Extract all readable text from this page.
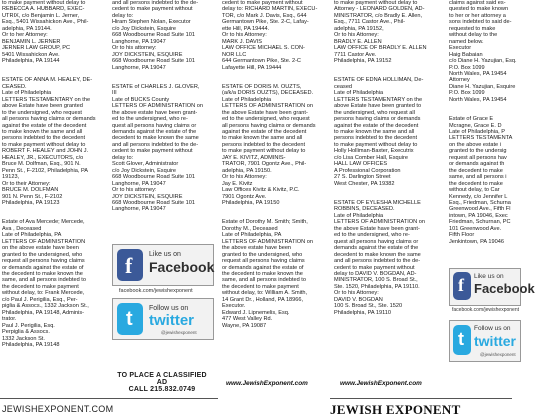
to make payment without delay to
REBECCA A. HUBBARD, EXEC-
UTRIX, c/o Benjamin L. Jerner,
Esq., 5401 Wissahickon Ave., Phil-
adelphia, PA 19144.
Or to her Attorney:
BENJAMIN L. JERNER
JERNER LAW GROUP, PC
5401 Wissahickon Ave.
Philadelphia, PA 19144
ESTATE OF ANNA M. HEALEY, DE-
CEASED.
Late of Philadelphia
LETTERS TESTAMENTARY on the
above Estate have been granted
to the undersigned, who request
all persons having claims or demands
against the estate of the decedent
to make known the same and all
persons indebted to the decedent
to make payment without delay to
ROBERT F. HEALEY and JOHN J.
HEALEY, JR., EXECUTORS, c/o
Bruce M. Dolfman, Esq., 901 N.
Penn St., F-2102, Philadelphia, PA
19123,
Or to their Attorney:
BRUCE M. DOLFMAN
901 N. Penn St., F-2102
Philadelphia, PA 19123
Estate of Ava Mercede; Mercede,
Ava , Deceased
Late of Philadelphia, PA
LETTERS OF ADMINISTRATION
on the above estate have been
granted to the undersigned, who
request all persons having claims
or demands against the estate of
the decedent to make known the
same, and all persons indebted to
the decedent to make payment
without delay, to: Frank Mercede,
c/o Paul J. Perigilia, Esq., Per-
piglia & Assocs., 1332 Jackson St.,
Philadelphia, PA 19148, Adminis-
trator.
Paul J. Perigilia, Esq.
Perpiglia & Assocs.
1332 Jackson St.
Philadelphia, PA 19148
and all persons indebted to the de-
cedent to make payment without
delay to:
Hiram Stephen Nolan, Executor
c/o Joy Dickstein, Esquire
668 Woodbourne Road Suite 101
Langhorne, PA 19047
Or to his attorney:
JOY DICKSTEIN, ESQUIRE
668 Woodbourne Road Suite 101
Langhorne, PA 19047
ESTATE of CHARLES J. GLOVER,
III
Late of BUCKS County
LETTERS OF ADMINISTRATION on
the above estate have been grant-
ed to the undersigned, who re-
quest all persons having claims or
demands against the estate of the
decedent to make known the same
and all persons indebted to the de-
cedent to make payment without
delay to:
Scott Glover, Administrator
c/o Joy Dickstein, Esquire
668 Woodbourne Road Suite 101
Langhorne, PA 19047
Or to his attorney:
JOY DICKSTEIN, ESQUIRE
668 Woodbourne Road Suite 101
Langhorne, PA 19047
cedent to make payment without
delay to: RICHARD MARTIN, EXECU-
TOR, c/o Mark J. Davis, Esq., 644
Germantown Pike, Ste. 2-C, Lafay-
ette Hill, PA 19444.
Or to his Attorney:
MARK J. DAVIS
LAW OFFICE MICHAEL S. CON-
NOR LLC
644 Germantown Pike, Ste. 2-C
Lafayette Hill, PA 19444
ESTATE OF DORIS M. OUZTS,
(a/k/a DORIS OUZTS), DECEASED.
Late of Philadelphia
LETTERS OF ADMINISTRATION on
the above Estate have been grant-
ed to the undersigned, who request
all persons having claims or demands
against the estate of the decedent
to make known the same and all
persons indebted to the decedent
to make payment without delay to
JAY E. KIVITZ, ADMINIS-
TRATOR, 7901 Ogontz Ave., Phil-
adelphia, PA 19150.
Or to his Attorney:
Jay E. Kivitz
Law Offices Kivitz & Kivitz, P.C.
7901 Ogontz Ave.
Philadelphia, PA 19150
Estate of Dorothy M. Smith; Smith,
Dorothy M., Deceased
Late of Philadelphia, PA
LETTERS OF ADMINISTRATION on
the above estate have been
granted to the undersigned, who
request all persons having claims
or demands against the estate of
the decedent to make known the
same, and all persons indebted to
the decedent to make payment
without delay, to: William A. Smith,
14 Grant Dr., Holland, PA 18966,
Executor.
Edward J. Lipnemelis, Esq.
477 West Valley Rd.
Wayne, PA 19087
to make payment without delay to
Attorney - LEONARD GOLDEN, AD-
MINISTRATOR, c/o Bradly E. Allen,
Esq., 7711 Castor Ave., Phil-
adelphia, PA 19152,
Or to his Attorney:
BRADLY E. ALLEN
LAW OFFICE OF BRADLY E. ALLEN
7711 Castor Ave.
Philadelphia, PA 19152
ESTATE OF EDNA HOLLIMAN, De-
ceased
Late of Philadelphia
LETTERS TESTAMENTARY on the
above Estate have been granted to
the undersigned, who request all
persons having claims or demands
against the estate of the decedent
to make known the same and all
persons indebted to the decedent
to make payment without delay to
Holly Holliman-Baxter, Executrix
c/o Lisa Comber Hall, Esquire
HALL LAW OFFICES
A Professional Corporation
27 S. Darlington Street
West Chester, PA 19382
ESTATE OF EYLESHA MICHELLE
ROBBINS, DECEASED.
Late of Philadelphia
LETTERS OF ADMINISTRATION on
the above Estate have been grant-
ed to the undersigned, who re-
quest all persons having claims or
demands against the estate of the
decedent to make known the same
and all persons indebted to the de-
cedent to make payment without
delay to DAVID V. BOGDAN, AD-
MINISTRATOR, 100 S. Broad St.,
Ste. 1520, Philadelphia, PA 19110.
Or to his Attorney:
DAVID V. BOGDAN
100 S. Broad St., Ste. 1520
Philadelphia, PA 19110
claims against said es-
quested to make known
to her or her attorney a
sons indebted to said de-
requested to make
without delay to the
named below.
Executor
Haig Babaian
c/o Diane H. Yazujian, Esq.
P.O. Box 1099
North Wales, PA 19454
Attorney
Diane H. Yazujian, Esquire
P.O. Box 1099
North Wales, PA 19454
Estate of Grace E
Mcragne, Grace E. D
Late of Philadelphia, P
LETTERS TESTAMENTA
on the above estate i
granted to the undersig
request all persons hav
or demands against th
the decedent to make
same, and all persons i
the decedent to make
without delay, to Car
Kennedy, c/o Jennifer L
Esq., Friedman, Schurna
Greenwood Ave., Fifth Fl
intown, PA 19046, Exec
Friedman, Schurnan, PC
101 Greenwood Ave.
Fifth Floor
Jenkintown, PA 19046
f Like us on
Facebook
facebook.com/jewishexponent
t Follow us on
twitter
@jewishexponent
f Like us on
Facebook
facebook.com/jewishexponent
t
Follow us on
twitter
@jewishexponent
TO PLACE A CLASSIFIED AD
CALL 215.832.0749
www.JewishExponent.com	www.JewishExponent.com
JEWISHEXPONENT.COM	JEWISH EXPONENT
